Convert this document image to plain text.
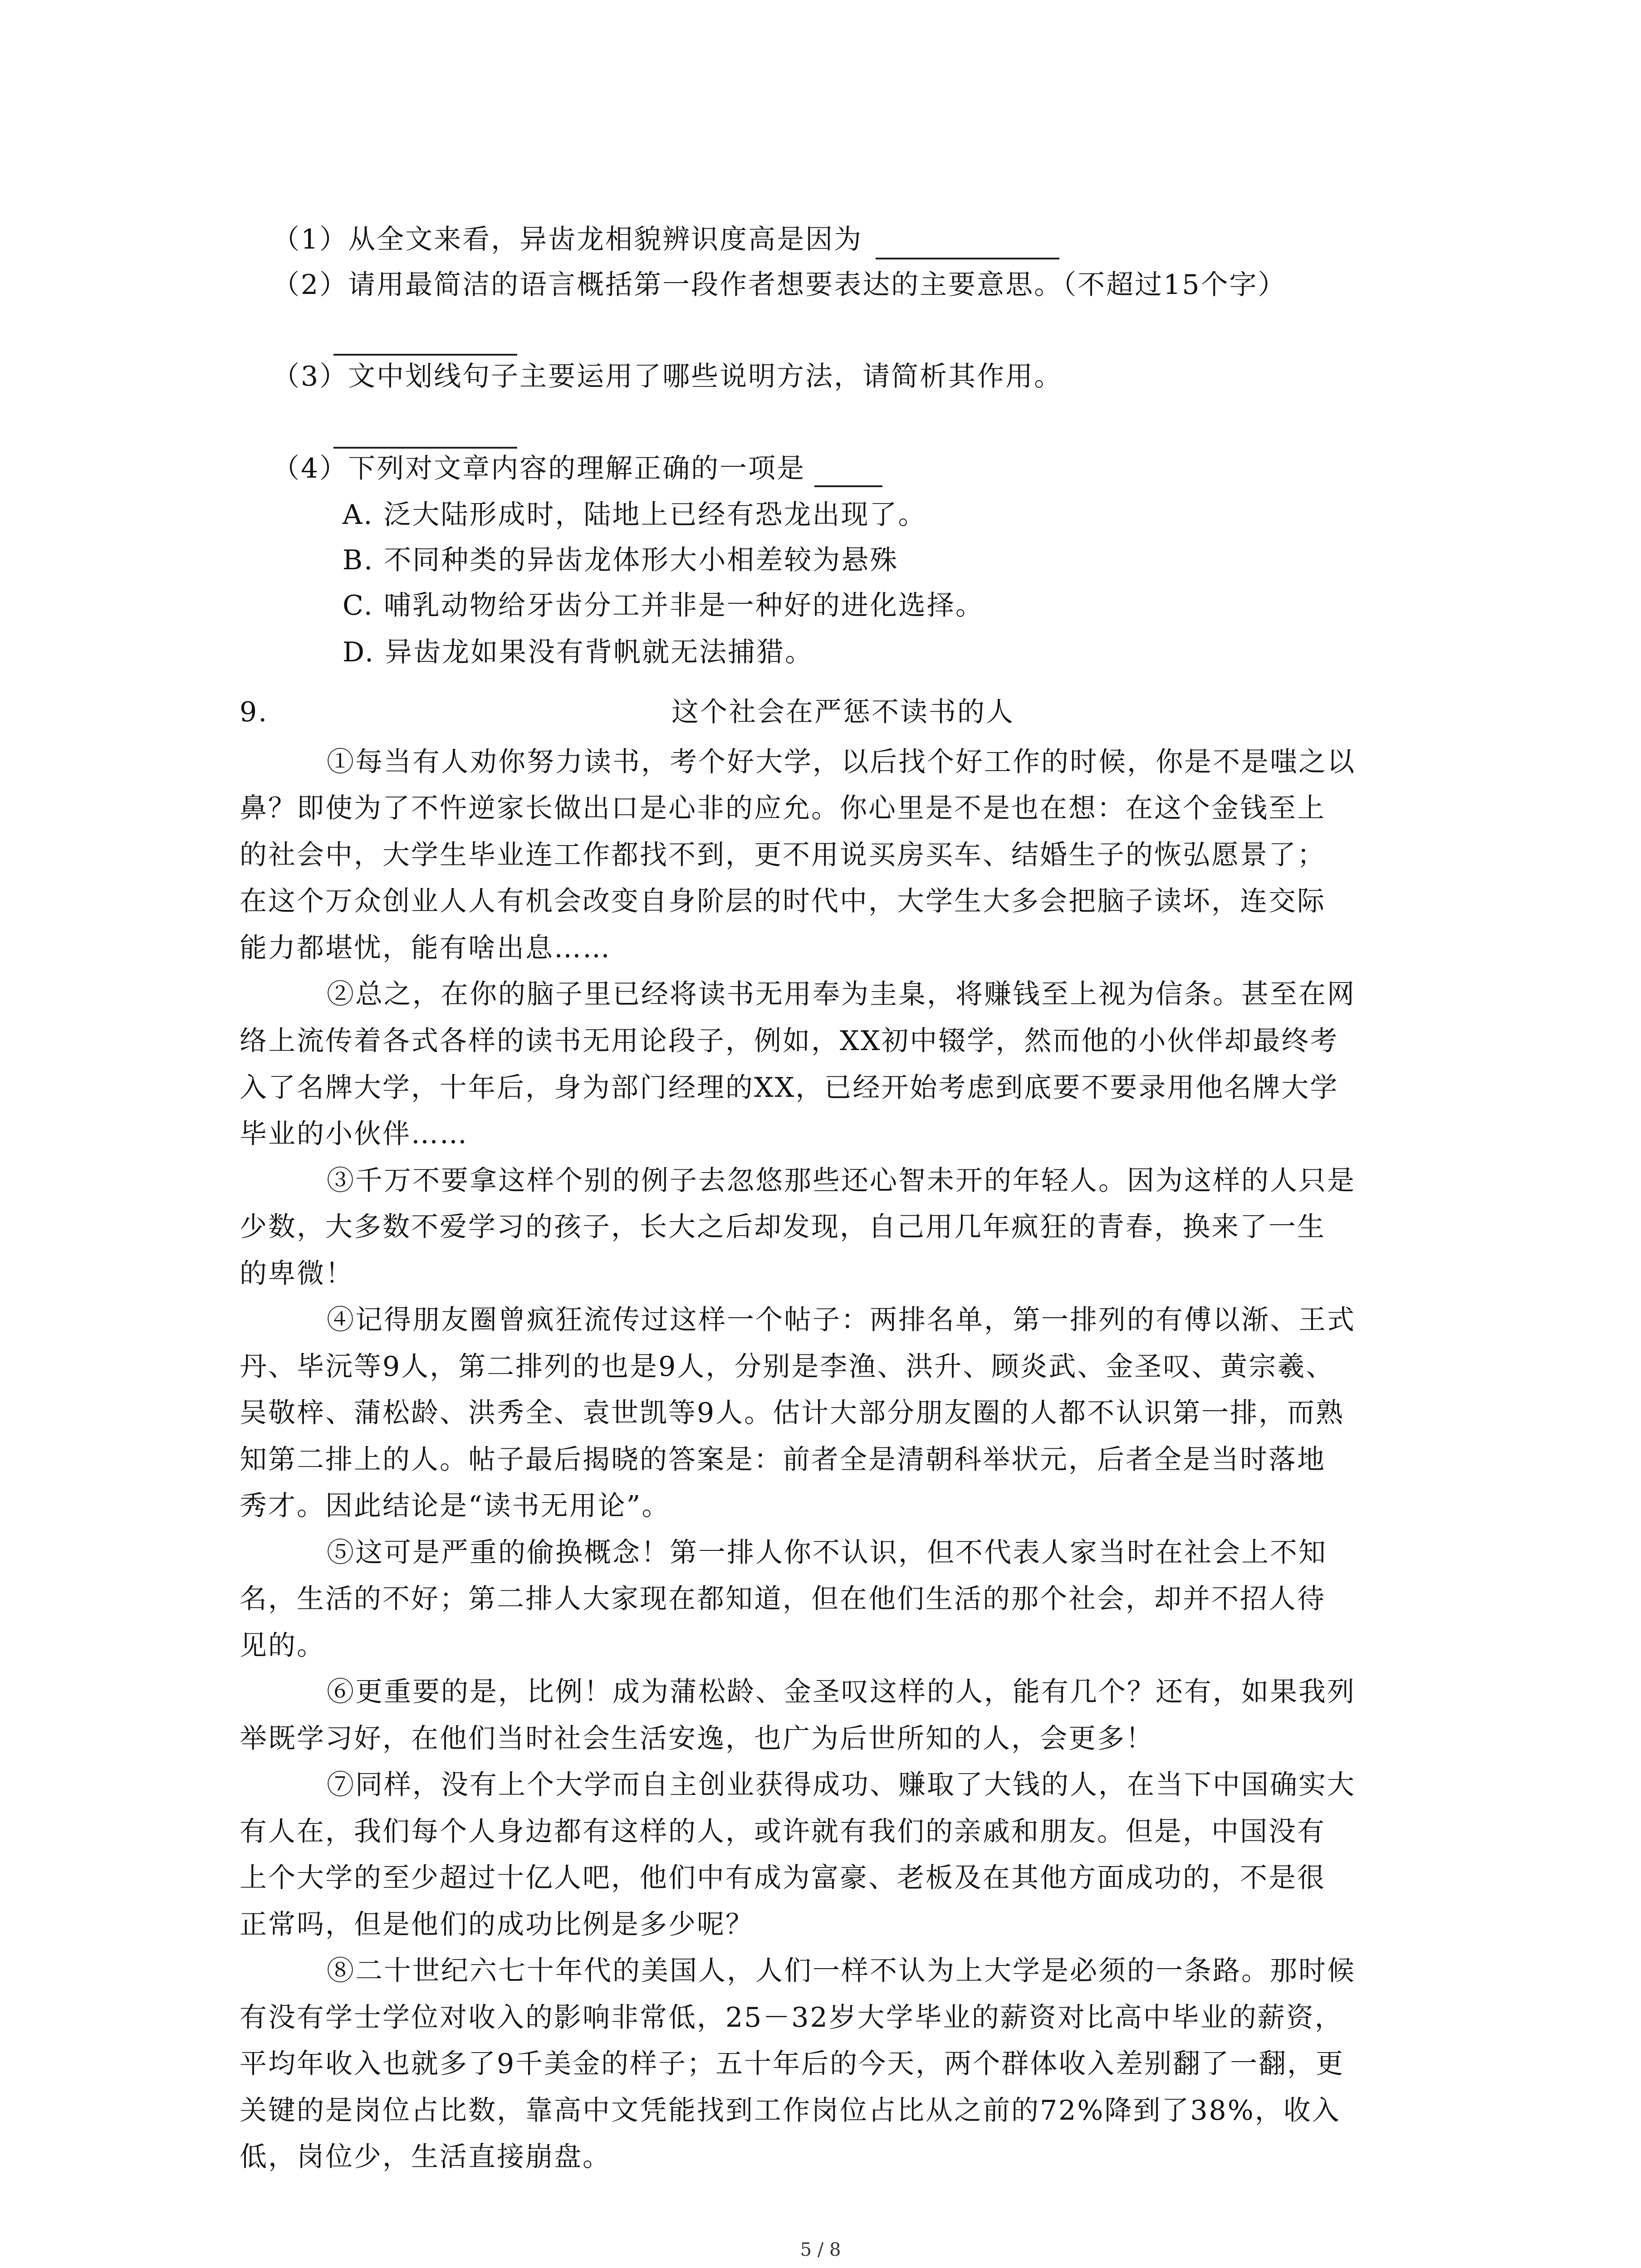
（1）从全文来看，异齿龙相貌辨识度高是因为
（2）请用最简洁的语言概括第一段作者想要表达的主要意思。（不超过15个字）
（3）文中划线句子主要运用了哪些说明方法，请简析其作用。
（4）下列对文章内容的理解正确的一项是
A. 泛大陆形成时，陆地上已经有恐龙出现了。
B. 不同种类的异齿龙体形大小相差较为悬殊
C. 哺乳动物给牙齿分工并非是一种好的进化选择。
D. 异齿龙如果没有背帆就无法捕猎。
9.	这个社会在严惩不读书的人
①每当有人劝你努力读书，考个好大学，以后找个好工作的时候，你是不是嗤之以
鼻？即使为了不忤逆家长做出口是心非的应允。你心里是不是也在想：在这个金钱至上
的社会中，大学生毕业连工作都找不到，更不用说买房买车、结婚生子的恢弘愿景了；
在这个万众创业人人有机会改变自身阶层的时代中，大学生大多会把脑子读坏，连交际
能力都堪忧，能有啥出息……
②总之，在你的脑子里已经将读书无用奉为圭臬，将赚钱至上视为信条。甚至在网
络上流传着各式各样的读书无用论段子，例如，XX初中辍学，然而他的小伙伴却最终考
入了名牌大学，十年后，身为部门经理的XX，已经开始考虑到底要不要录用他名牌大学
毕业的小伙伴……
③千万不要拿这样个别的例子去忽悠那些还心智未开的年轻人。因为这样的人只是
少数，大多数不爱学习的孩子，长大之后却发现，自己用几年疯狂的青春，换来了一生
的卑微！
④记得朋友圈曾疯狂流传过这样一个帖子：两排名单，第一排列的有傅以渐、王式
丹、毕沅等9人，第二排列的也是9人，分别是李渔、洪升、顾炎武、金圣叹、黄宗羲、
吴敬梓、蒲松龄、洪秀全、袁世凯等9人。估计大部分朋友圈的人都不认识第一排，而熟
知第二排上的人。帖子最后揭晓的答案是：前者全是清朝科举状元，后者全是当时落地
秀才。因此结论是“读书无用论”。
⑤这可是严重的偷换概念！第一排人你不认识，但不代表人家当时在社会上不知
名，生活的不好；第二排人大家现在都知道，但在他们生活的那个社会，却并不招人待
见的。
⑥更重要的是，比例！成为蒲松龄、金圣叹这样的人，能有几个？还有，如果我列
举既学习好，在他们当时社会生活安逸，也广为后世所知的人，会更多！
⑦同样，没有上个大学而自主创业获得成功、赚取了大钱的人，在当下中国确实大
有人在，我们每个人身边都有这样的人，或许就有我们的亲戚和朋友。但是，中国没有
上个大学的至少超过十亿人吧，他们中有成为富豪、老板及在其他方面成功的，不是很
正常吗，但是他们的成功比例是多少呢？
⑧二十世纪六七十年代的美国人，人们一样不认为上大学是必须的一条路。那时候
有没有学士学位对收入的影响非常低，25－32岁大学毕业的薪资对比高中毕业的薪资，
平均年收入也就多了9千美金的样子；五十年后的今天，两个群体收入差别翻了一翻，更
关键的是岗位占比数，靠高中文凭能找到工作岗位占比从之前的72%降到了38%，收入
低，岗位少，生活直接崩盘。
5 / 8
